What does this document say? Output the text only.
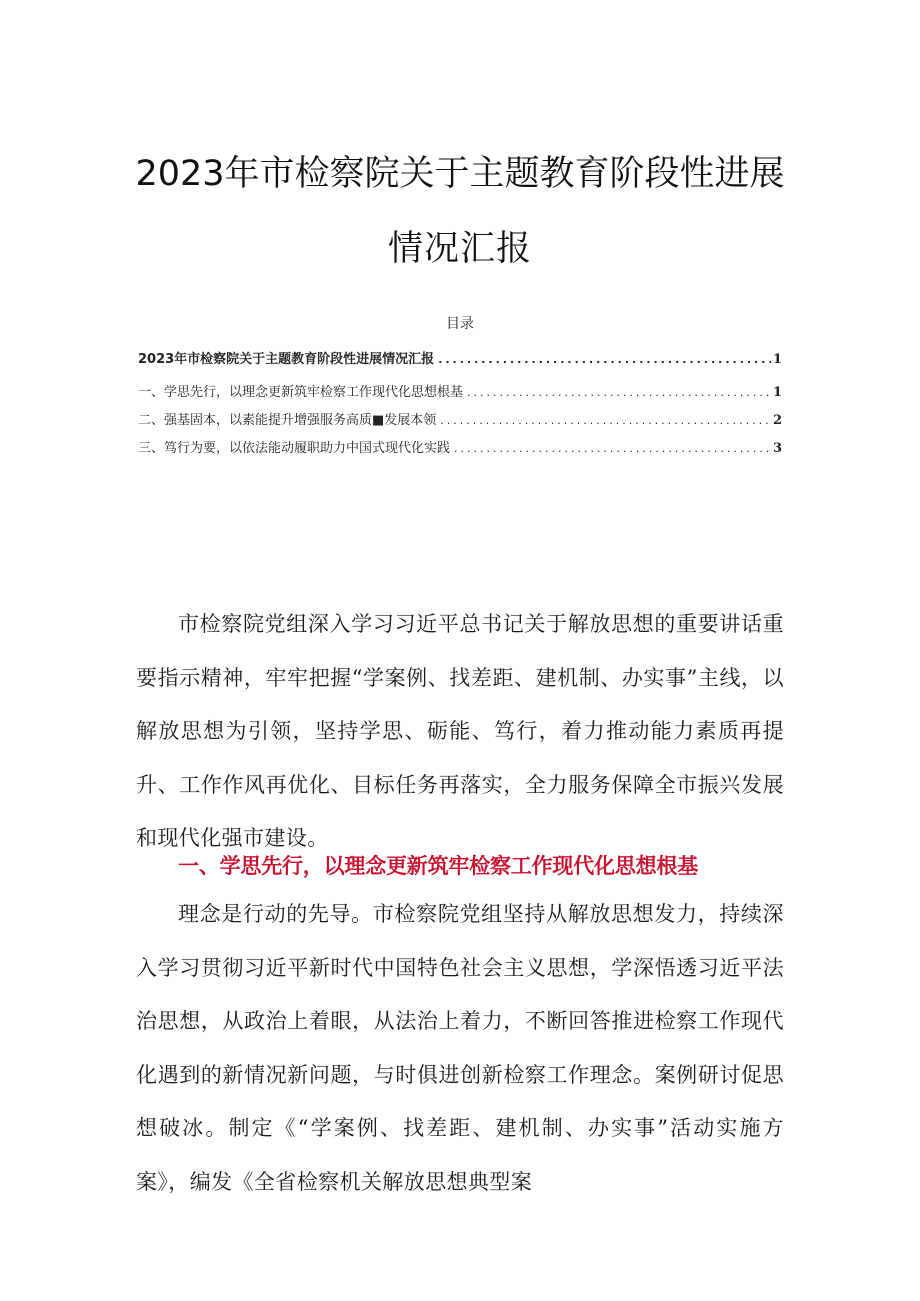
2023年市检察院关于主题教育阶段性进展
情况汇报
目录
2023年市检察院关于主题教育阶段性进展情况汇报 .....	1
一、学思先行，以理念更新筑牢检察工作现代化思想根基 .....	1
二、强基固本，以素能提升增强服务高质■发展本领 .....	2
三、笃行为要，以依法能动履职助力中国式现代化实践 .....	3

市检察院党组深入学习习近平总书记关于解放思想的重要讲话重要指示精神，牢牢把握“学案例、找差距、建机制、办实事”主线，以解放思想为引领，坚持学思、砺能、笃行，着力推动能力素质再提升、工作作风再优化、目标任务再落实，全力服务保障全市振兴发展和现代化强市建设。

一、学思先行，以理念更新筑牢检察工作现代化思想根基

理念是行动的先导。市检察院党组坚持从解放思想发力，持续深入学习贯彻习近平新时代中国特色社会主义思想，学深悟透习近平法治思想，从政治上着眼，从法治上着力，不断回答推进检察工作现代化遇到的新情况新问题，与时俱进创新检察工作理念。案例研讨促思想破冰。制定《“学案例、找差距、建机制、办实事”活动实施方案》，编发《全省检察机关解放思想典型案
